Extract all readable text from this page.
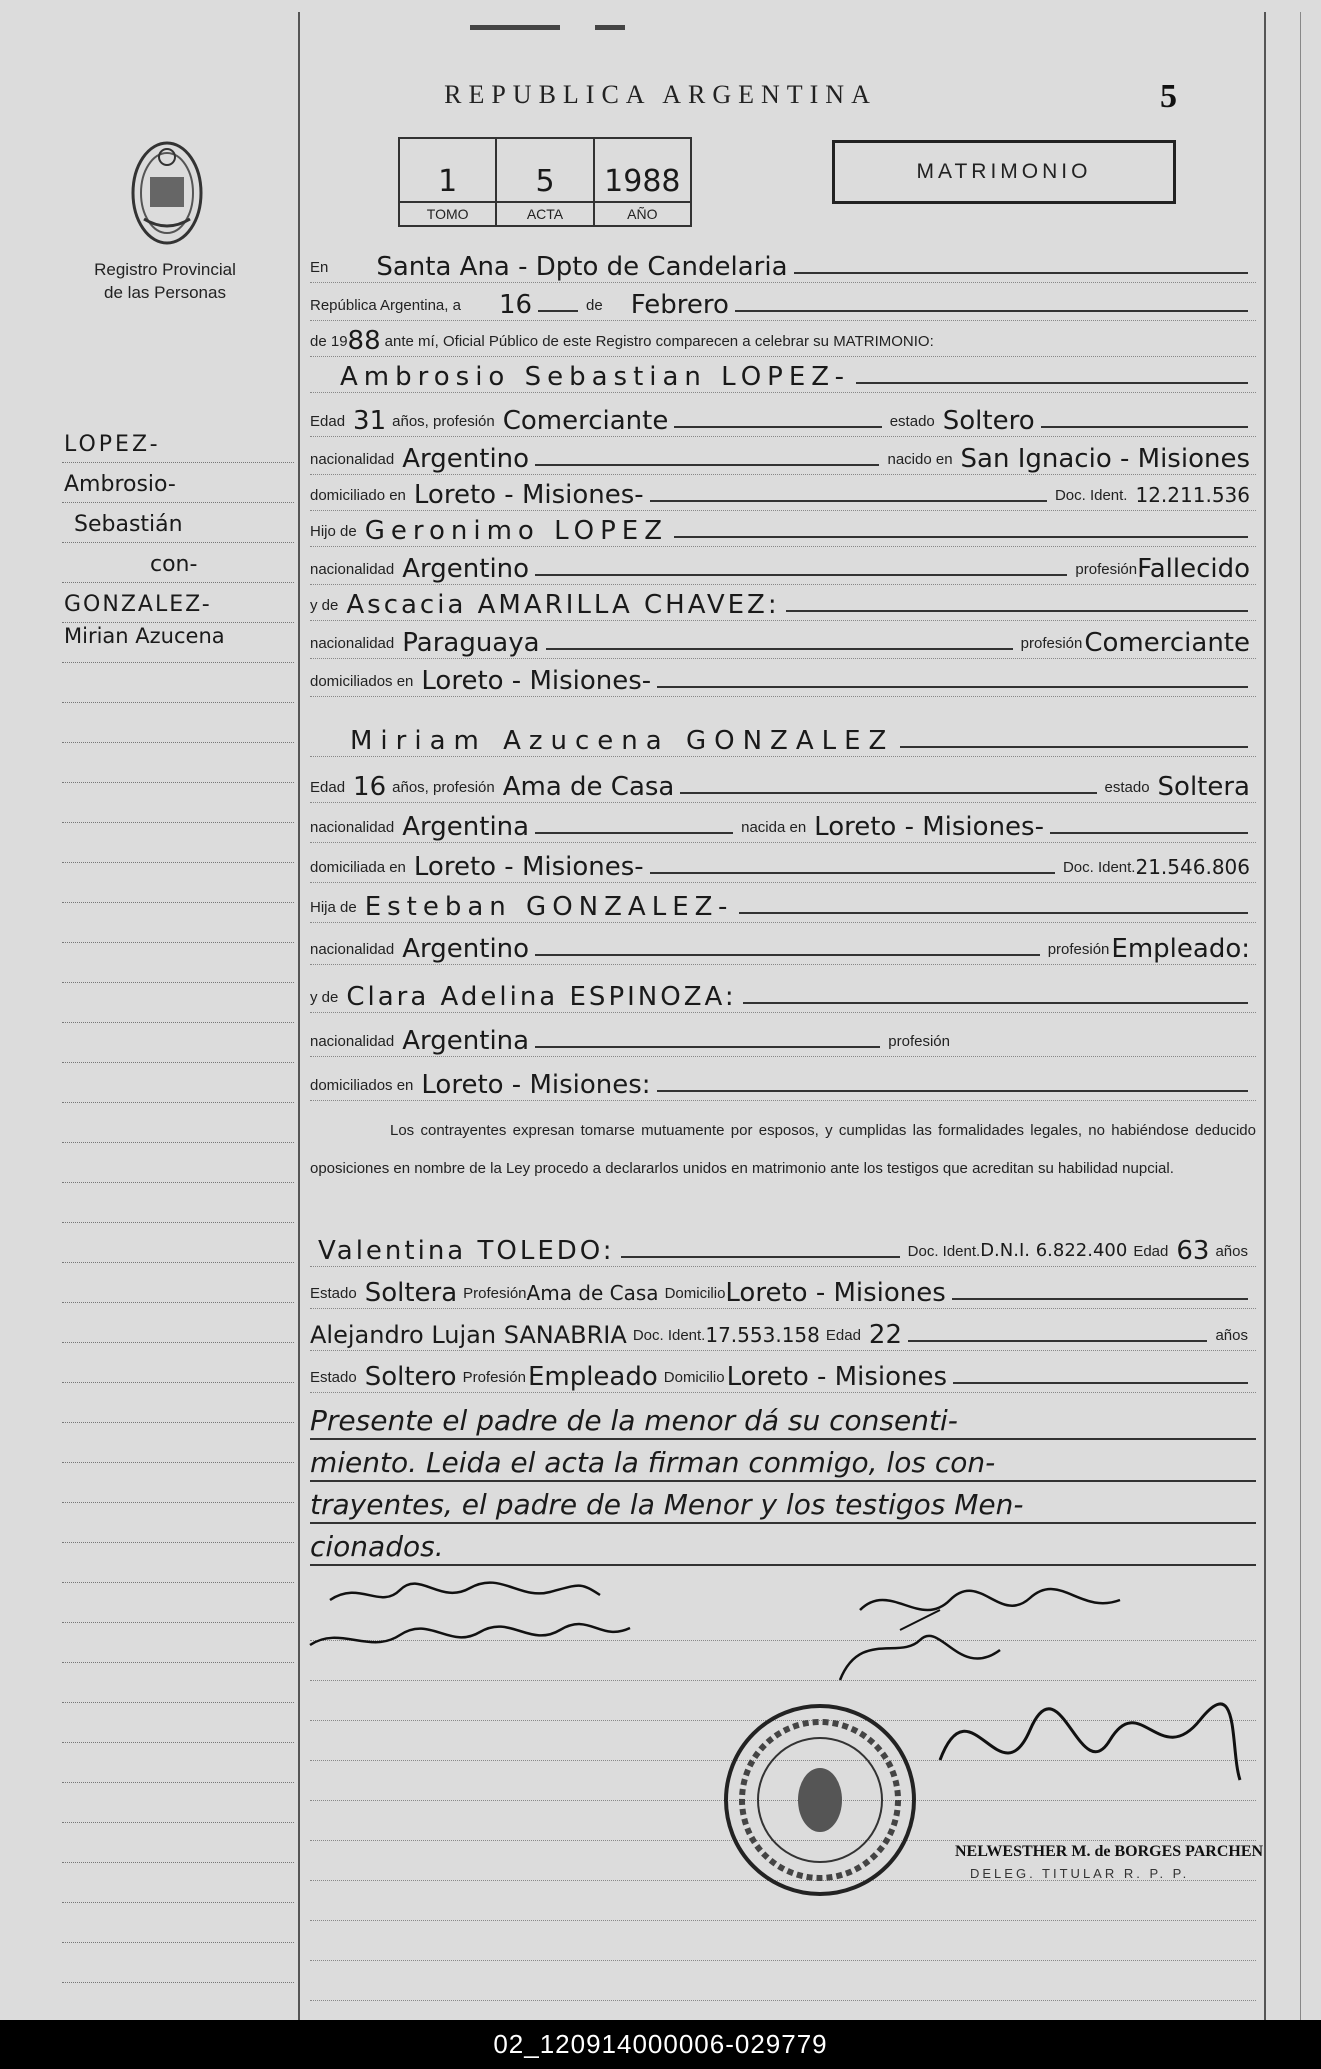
REPUBLICA ARGENTINA	5
MATRIMONIO
1
TOMO
5
ACTA
1988
AÑO
Registro Provincial
de las Personas
LOPEZ-
Ambrosio-
Sebastián
con-
GONZALEZ-
Mirian Azucena
En	Santa Ana - Dpto de Candelaria
República Argentina, a	16	de	Febrero
de 19 88 ante mí, Oficial Público de este Registro comparecen a celebrar su MATRIMONIO:
Ambrosio Sebastian LOPEZ-
Edad 31 años, profesión Comerciante	estado Soltero
nacionalidad Argentino	nacido en San Ignacio - Misiones
domiciliado en Loreto - Misiones-	Doc. Ident. 12.211.536
Hijo de Geronimo LOPEZ
nacionalidad Argentino	profesión Fallecido
y de Ascacia AMARILLA CHAVEZ:
nacionalidad Paraguaya	profesión Comerciante
domiciliados en Loreto - Misiones-
Miriam Azucena GONZALEZ
Edad 16 años, profesión Ama de Casa	estado Soltera
nacionalidad Argentina	nacida en Loreto - Misiones-
domiciliada en Loreto - Misiones-	Doc. Ident. 21.546.806
Hija de Esteban GONZALEZ-
nacionalidad Argentino	profesión Empleado:
y de Clara Adelina ESPINOZA:
nacionalidad Argentina	profesión
domiciliados en Loreto - Misiones:
Los contrayentes expresan tomarse mutuamente por esposos, y cumplidas las formalidades legales, no habiéndose deducido oposiciones en nombre de la Ley procedo a declararlos unidos en matrimonio ante los testigos que acreditan su habilidad nupcial.
Valentina TOLEDO:	Doc. Ident. D.N.I. 6.822.400 Edad 63 años
Estado Soltera Profesión Ama de Casa Domicilio Loreto - Misiones
Alejandro Lujan SANABRIA Doc. Ident. 17.553.158 Edad 22	años
Estado Soltero Profesión Empleado Domicilio Loreto - Misiones
Presente el padre de la menor dá su consenti-
miento. Leida el acta la firman conmigo, los con-
trayentes, el padre de la Menor y los testigos Men-
cionados.
NELWESTHER M. de BORGES PARCHEN
DELEG. TITULAR R. P. P.
02_120914000006-029779
